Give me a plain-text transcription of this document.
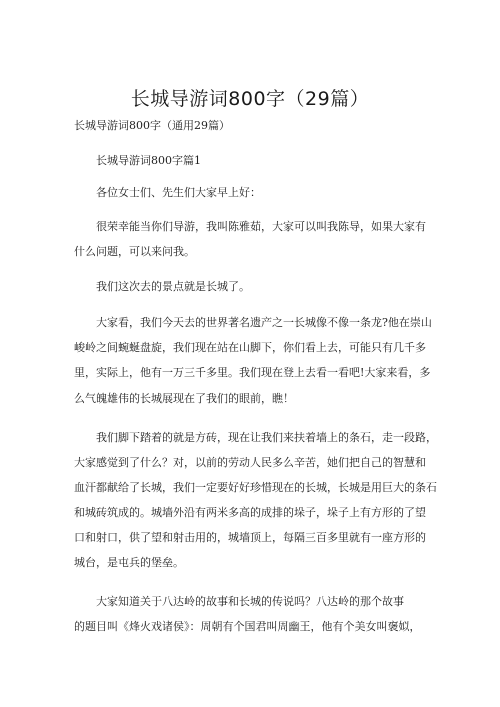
长城导游词800字（29篇）
长城导游词800字（通用29篇）
长城导游词800字篇1
各位女士们、先生们大家早上好：
很荣幸能当你们导游，我叫陈雅茹，大家可以叫我陈导，如果大家有
什么问题，可以来问我。
我们这次去的景点就是长城了。
大家看，我们今天去的世界著名遗产之一长城像不像一条龙?他在崇山
峻岭之间蜿蜒盘旋，我们现在站在山脚下，你们看上去，可能只有几千多
里，实际上，他有一万三千多里。我们现在登上去看一看吧!大家来看，多
么气魄雄伟的长城展现在了我们的眼前，瞧！
我们脚下踏着的就是方砖，现在让我们来扶着墙上的条石，走一段路，
大家感觉到了什么？对，以前的劳动人民多么辛苦，她们把自己的智慧和
血汗都献给了长城，我们一定要好好珍惜现在的长城，长城是用巨大的条石
和城砖筑成的。城墙外沿有两米多高的成排的垛子，垛子上有方形的了望
口和射口，供了望和射击用的，城墙顶上，每隔三百多里就有一座方形的
城台，是屯兵的堡垒。
大家知道关于八达岭的故事和长城的传说吗？八达岭的那个故事
的题目叫《烽火戏诸侯》：周朝有个国君叫周幽王，他有个美女叫褒姒，
